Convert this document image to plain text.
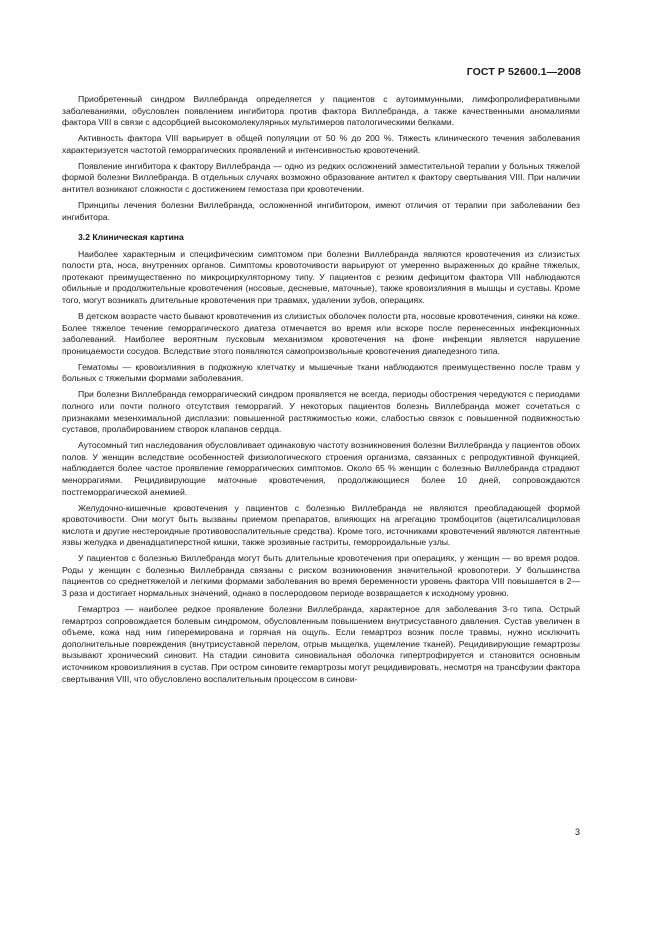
ГОСТ Р 52600.1—2008

Приобретенный синдром Виллебранда определяется у пациентов с аутоиммунными, лимфопролиферативными заболеваниями, обусловлен появлением ингибитора против фактора Виллебранда, а также качественными аномалиями фактора VIII в связи с адсорбцией высокомолекулярных мультимеров патологическими белками.

Активность фактора VIII варьирует в общей популяции от 50 % до 200 %. Тяжесть клинического течения заболевания характеризуется частотой геморрагических проявлений и интенсивностью кровотечений.

Появление ингибитора к фактору Виллебранда — одно из редких осложнений заместительной терапии у больных тяжелой формой болезни Виллебранда. В отдельных случаях возможно образование антител к фактору свертывания VIII. При наличии антител возникают сложности с достижением гемостаза при кровотечении.

Принципы лечения болезни Виллебранда, осложненной ингибитором, имеют отличия от терапии при заболевании без ингибитора.

3.2 Клиническая картина

Наиболее характерным и специфическим симптомом при болезни Виллебранда являются кровотечения из слизистых полости рта, носа, внутренних органов. Симптомы кровоточивости варьируют от умеренно выраженных до крайне тяжелых, протекают преимущественно по микроциркуляторному типу. У пациентов с резким дефицитом фактора VIII наблюдаются обильные и продолжительные кровотечения (носовые, десневые, маточные), также кровоизлияния в мышцы и суставы. Кроме того, могут возникать длительные кровотечения при травмах, удалении зубов, операциях.

В детском возрасте часто бывают кровотечения из слизистых оболочек полости рта, носовые кровотечения, синяки на коже. Более тяжелое течение геморрагического диатеза отмечается во время или вскоре после перенесенных инфекционных заболеваний. Наиболее вероятным пусковым механизмом кровотечения на фоне инфекции является нарушение проницаемости сосудов. Вследствие этого появляются самопроизвольные кровотечения диапедезного типа.

Гематомы — кровоизлияния в подкожную клетчатку и мышечные ткани наблюдаются преимущественно после травм у больных с тяжелыми формами заболевания.

При болезни Виллебранда геморрагический синдром проявляется не всегда, периоды обострения чередуются с периодами полного или почти полного отсутствия геморрагий. У некоторых пациентов болезнь Виллебранда может сочетаться с признаками мезенхимальной дисплазии: повышенной растяжимостью кожи, слабостью связок с повышенной подвижностью суставов, пролабированием створок клапанов сердца.

Аутосомный тип наследования обусловливает одинаковую частоту возникновения болезни Виллебранда у пациентов обоих полов. У женщин вследствие особенностей физиологического строения организма, связанных с репродуктивной функцией, наблюдается более частое проявление геморрагических симптомов. Около 65 % женщин с болезнью Виллебранда страдают меноррагиями. Рецидивирующие маточные кровотечения, продолжающиеся более 10 дней, сопровождаются постгеморрагической анемией.

Желудочно-кишечные кровотечения у пациентов с болезнью Виллебранда не являются преобладающей формой кровоточивости. Они могут быть вызваны приемом препаратов, влияющих на агрегацию тромбоцитов (ацетилсалициловая кислота и другие нестероидные противовоспалительные средства). Кроме того, источниками кровотечений являются латентные язвы желудка и двенадцатиперстной кишки, также эрозивные гастриты, геморроидальные узлы.

У пациентов с болезнью Виллебранда могут быть длительные кровотечения при операциях, у женщин — во время родов. Роды у женщин с болезнью Виллебранда связаны с риском возникновения значительной кровопотери. У большинства пациентов со среднетяжелой и легкими формами заболевания во время беременности уровень фактора VIII повышается в 2—3 раза и достигает нормальных значений, однако в послеродовом периоде возвращается к исходному уровню.

Гемартроз — наиболее редкое проявление болезни Виллебранда, характерное для заболевания 3-го типа. Острый гемартроз сопровождается болевым синдромом, обусловленным повышением внутрисуставного давления. Сустав увеличен в объеме, кожа над ним гиперемирована и горячая на ощупь. Если гемартроз возник после травмы, нужно исключить дополнительные повреждения (внутрисуставной перелом, отрыв мыщелка, ущемление тканей). Рецидивирующие гемартрозы вызывают хронический синовит. На стадии синовита синовиальная оболочка гипертрофируется и становится основным источником кровоизлияния в сустав. При остром синовите гемартрозы могут рецидивировать, несмотря на трансфузии фактора свертывания VIII, что обусловлено воспалительным процессом в синови-

3
